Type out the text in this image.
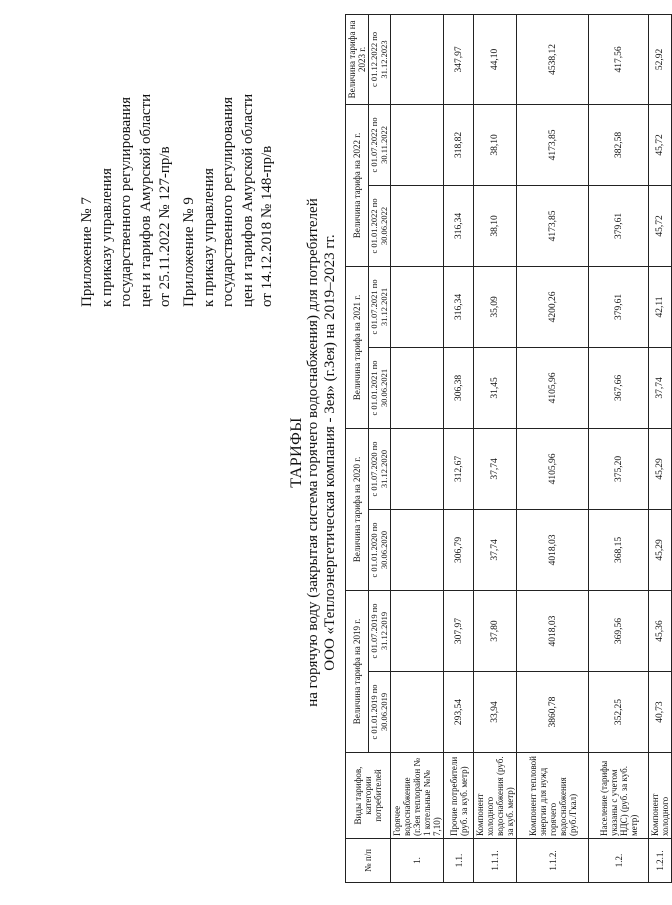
Приложение № 7 к приказу управления государственного регулирования цен и тарифов Амурской области от 25.11.2022 № 127-пр/в Приложение № 9 к приказу управления государственного регулирования цен и тарифов Амурской области от 14.12.2018 № 148-пр/в
ТАРИФЫ на горячую воду (закрытая система горячего водоснабжения) для потребителей ООО «Теплоэнергетическая компания - Зея» (г.Зея) на 2019–2023 гг.
№ п/п	Виды тарифов, категории потребителей	Величина тарифа на 2019 г.		Величина тарифа на 2020 г.		Величина тарифа на 2021 г.		Величина тарифа на 2022 г.		Величина тарифа на 2023 г.
		с 01.01.2019 по 30.06.2019	с 01.07.2019 по 31.12.2019	с 01.01.2020 по 30.06.2020	с 01.07.2020 по 31.12.2020	с 01.01.2021 по 30.06.2021	с 01.07.2021 по 31.12.2021	с 01.01.2022 по 30.06.2022	с 01.07.2022 по 30.11.2022	с 01.12.2022 по 31.12.2023
1.	Горячее водоснабжение (г.Зея теплорайон № 1 котельные №№ 7,10)									
1.1.	Прочие потребители (руб. за куб. метр)	293,54	307,97	306,79	312,67	306,38	316,34	316,34	318,82	347,97
1.1.1.	Компонент холодного водоснабжения (руб. за куб. метр)	33,94	37,80	37,74	37,74	31,45	35,09	38,10	38,10	44,10
1.1.2.	Компонент тепловой энергии для нужд горячего водоснабжения (руб./Гкал)	3860,78	4018,03	4018,03	4105,96	4105,96	4200,26	4173,85	4173,85	4538,12
1.2.	Население (тарифы указаны с учетом НДС) (руб. за куб. метр)	352,25	369,56	368,15	375,20	367,66	379,61	379,61	382,58	417,56
1.2.1.	Компонент холодного	40,73	45,36	45,29	45,29	37,74	42,11	45,72	45,72	52,92
